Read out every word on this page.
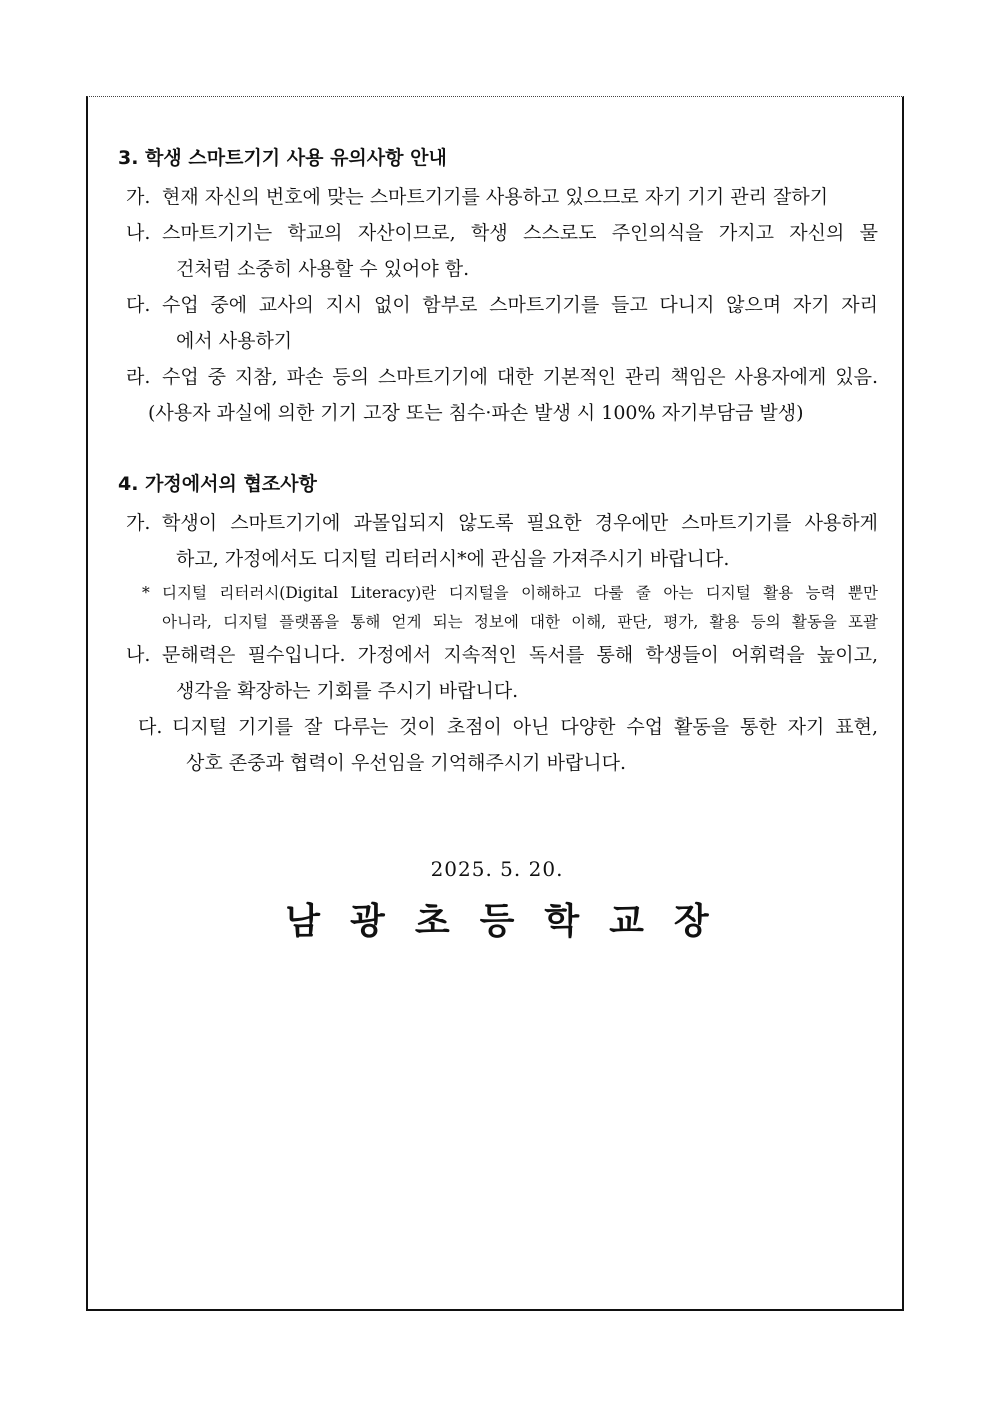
3. 학생 스마트기기 사용 유의사항 안내
가. 현재 자신의 번호에 맞는 스마트기기를 사용하고 있으므로 자기 기기 관리 잘하기
나. 스마트기기는 학교의 자산이므로, 학생 스스로도 주인의식을 가지고 자신의 물
건처럼 소중히 사용할 수 있어야 함.
다. 수업 중에 교사의 지시 없이 함부로 스마트기기를 들고 다니지 않으며 자기 자리
에서 사용하기
라. 수업 중 지참, 파손 등의 스마트기기에 대한 기본적인 관리 책임은 사용자에게 있음.
(사용자 과실에 의한 기기 고장 또는 침수·파손 발생 시 100% 자기부담금 발생)
4. 가정에서의 협조사항
가. 학생이 스마트기기에 과몰입되지 않도록 필요한 경우에만 스마트기기를 사용하게
하고, 가정에서도 디지털 리터러시*에 관심을 가져주시기 바랍니다.
* 디지털 리터러시(Digital Literacy)란 디지털을 이해하고 다룰 줄 아는 디지털 활용 능력 뿐만
아니라, 디지털 플랫폼을 통해 얻게 되는 정보에 대한 이해, 판단, 평가, 활용 등의 활동을 포괄
나. 문해력은 필수입니다. 가정에서 지속적인 독서를 통해 학생들이 어휘력을 높이고,
생각을 확장하는 기회를 주시기 바랍니다.
다. 디지털 기기를 잘 다루는 것이 초점이 아닌 다양한 수업 활동을 통한 자기 표현,
상호 존중과 협력이 우선임을 기억해주시기 바랍니다.
2025. 5. 20.
남광초등학교장
